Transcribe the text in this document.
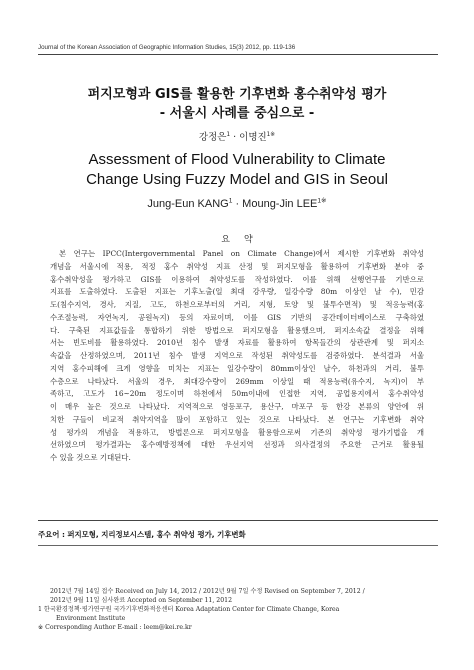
Journal of the Korean Association of Geographic Information Studies, 15(3) 2012, pp. 119-136
퍼지모형과 GIS를 활용한 기후변화 홍수취약성 평가
- 서울시 사례를 중심으로 -
강정은$^1$ · 이명진$^{1※}$
Assessment of Flood Vulnerability to Climate
Change Using Fuzzy Model and GIS in Seoul
Jung-Eun $KANG^1$ · Moung-Jin $LEE^{1※}$
요약
본 연구는 IPCC(Intergovernmental Panel on Climate Change)에서 제시한 기후변화 취약성
개념을 서울시에 적용, 적정 홍수 취약성 지표 산정 및 퍼지모형을 활용하여 기후변화 분야 중
홍수취약성을 평가하고 GIS를 이용하여 취약성도를 작성하였다. 이를 위해 선행연구를 기반으로
지표를 도출하였다. 도출된 지표는 기후노출(일 최대 강우량, 일강수량 80m 이상인 날 수), 민감
도(침수지역, 경사, 지질, 고도, 하천으로부터의 거리, 지형, 토양 및 불투수면적) 및 적응능력(홍
수조절능력, 자연녹지, 공원녹지) 등의 자료이며, 이를 GIS 기반의 공간데이터베이스로 구축하였
다. 구축된 지표값들을 통합하기 위한 방법으로 퍼지모형을 활용했으며, 퍼지소속값 결정을 위해
서는 빈도비를 활용하였다. 2010년 침수 발생 자료를 활용하여 항목들간의 상관관계 및 퍼지소
속값을 산정하였으며, 2011년 침수 발생 지역으로 작성된 취약성도를 검증하였다. 분석결과 서울
지역 홍수피해에 크게 영향을 미치는 지표는 일강수량이 80mm이상인 날수, 하천과의 거리, 불투
수층으로 나타났다. 서울의 경우, 최대강수량이 269mm 이상일 때 적용능력(유수지, 녹지)이 부
족하고, 고도가 16~20m 정도이며 하천에서 50m이내에 인접한 지역, 공업용지에서 홍수취약성
이 매우 높은 것으로 나타났다. 지역적으로 영등포구, 용산구, 마포구 등 한강 본류의 양안에 위
치한 구들이 비교적 취약지역을 많이 포함하고 있는 것으로 나타났다. 본 연구는 기후변화 취약
성 평가의 개념을 적용하고, 방법론으로 퍼지모형을 활용함으로써 기존의 취약성 평가기법을 개
선하였으며 평가결과는 홍수예방정책에 대한 우선지역 선정과 의사결정의 주요한 근거로 활용될
수 있을 것으로 기대된다.
주요어 : 퍼지모형, 지리정보시스템, 홍수 취약성 평가, 기후변화
2012년 7월 14일 접수 Received on July 14, 2012 / 2012년 9월 7일 수정 Revised on September 7, 2012 /
2012년 9월 11일 심사완료 Accepted on September 11, 2012
1 한국환경정책·평가연구원 국가기후변화적응센터 Korea Adaptation Center for Climate Change, Korea
Environment Institute
※ Corresponding Author E-mail : leem@kei.re.kr
